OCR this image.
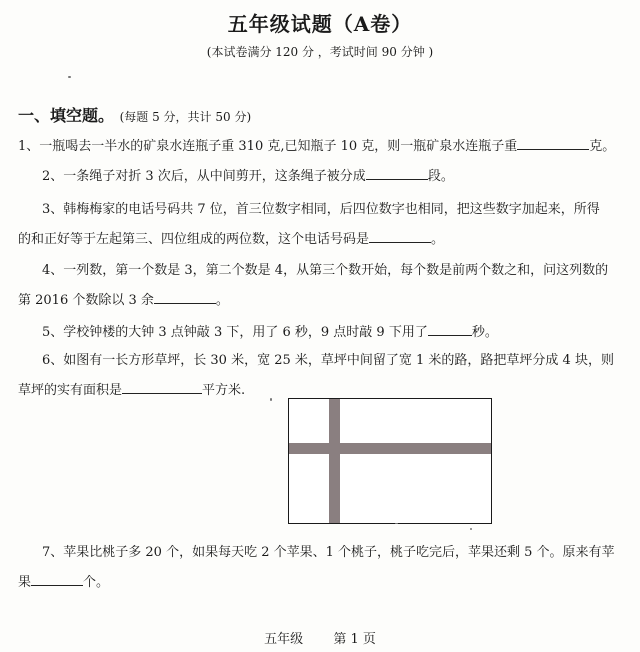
五年级试题（A卷）
(本试卷满分 120 分 ，考试时间 90 分钟 )
一、填空题。 (每题 5 分，共计 50 分)
1、一瓶喝去一半水的矿泉水连瓶子重 310 克,已知瓶子 10 克，则一瓶矿泉水连瓶子重	克。
2、一条绳子对折 3 次后，从中间剪开，这条绳子被分成	段。
3、韩梅梅家的电话号码共 7 位，首三位数字相同，后四位数字也相同，把这些数字加起来，所得
的和正好等于左起第三、四位组成的两位数，这个电话号码是	。
4、一列数，第一个数是 3，第二个数是 4，从第三个数开始，每个数是前两个数之和，问这列数的
第 2016 个数除以 3 余	。
5、学校钟楼的大钟 3 点钟敲 3 下，用了 6 秒，9 点时敲 9 下用了	秒。
6、如图有一长方形草坪，长 30 米，宽 25 米，草坪中间留了宽 1 米的路，路把草坪分成 4 块，则
草坪的实有面积是	平方米.
7、苹果比桃子多 20 个，如果每天吃 2 个苹果、1 个桃子，桃子吃完后，苹果还剩 5 个。原来有苹
果	个。
五年级 第 1 页
